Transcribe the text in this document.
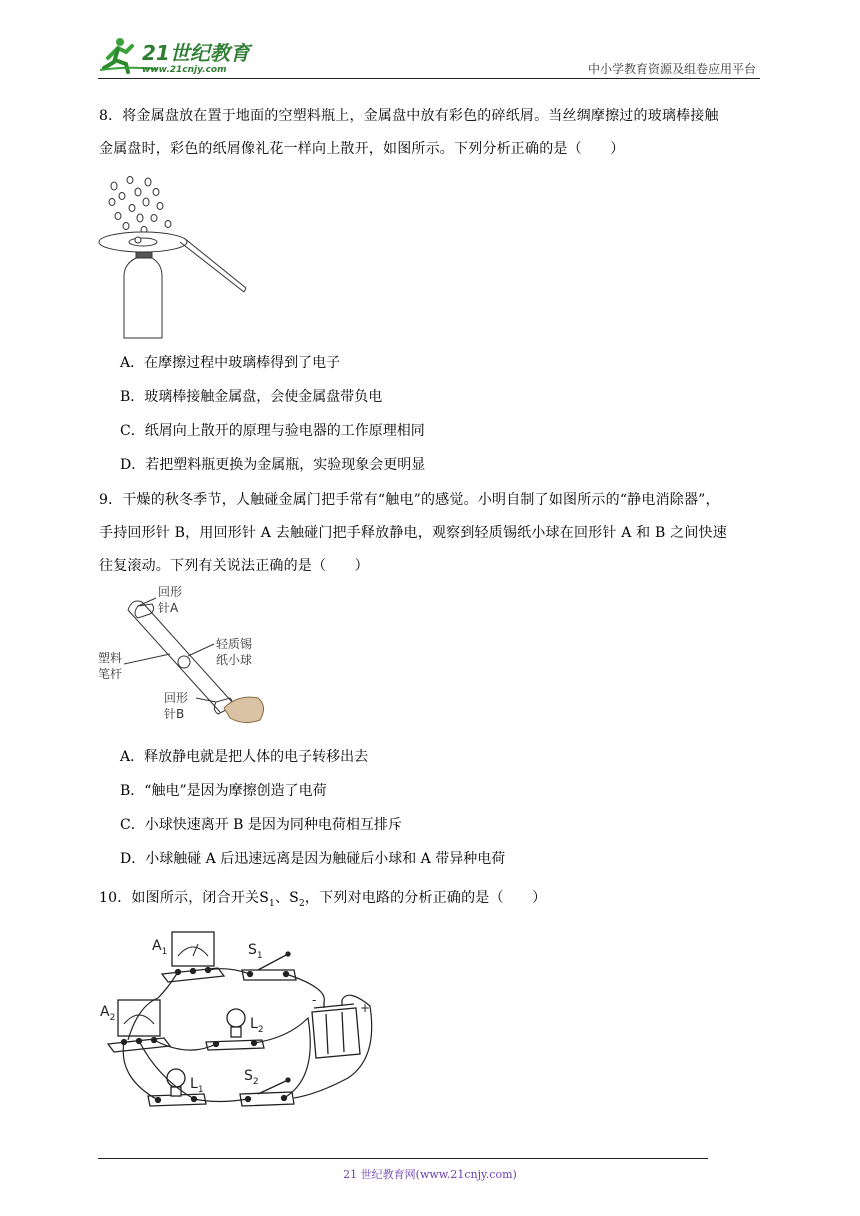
21世纪教育
www.21cnjy.com	中小学教育资源及组卷应用平台
8．将金属盘放在置于地面的空塑料瓶上，金属盘中放有彩色的碎纸屑。当丝绸摩擦过的玻璃棒接触
金属盘时，彩色的纸屑像礼花一样向上散开，如图所示。下列分析正确的是（　　）
A．在摩擦过程中玻璃棒得到了电子
B．玻璃棒接触金属盘，会使金属盘带负电
C．纸屑向上散开的原理与验电器的工作原理相同
D．若把塑料瓶更换为金属瓶，实验现象会更明显
9．干燥的秋冬季节，人触碰金属门把手常有“触电”的感觉。小明自制了如图所示的“静电消除器”，
手持回形针 B，用回形针 A 去触碰门把手释放静电，观察到轻质锡纸小球在回形针 A 和 B 之间快速
往复滚动。下列有关说法正确的是（　　）
回形
针A
轻质锡
纸小球
塑料
笔杆
回形
针B
A．释放静电就是把人体的电子转移出去
B．“触电”是因为摩擦创造了电荷
C．小球快速离开 B 是因为同种电荷相互排斥
D．小球触碰 A 后迅速远离是因为触碰后小球和 A 带异种电荷
10．如图所示，闭合开关$S_1$、$S_2$，下列对电路的分析正确的是（　　）
$A_1$	$S_1$
$A_2$	$L_2$
$L_1$
$S_2$
-
+
21 世纪教育网(www.21cnjy.com)
